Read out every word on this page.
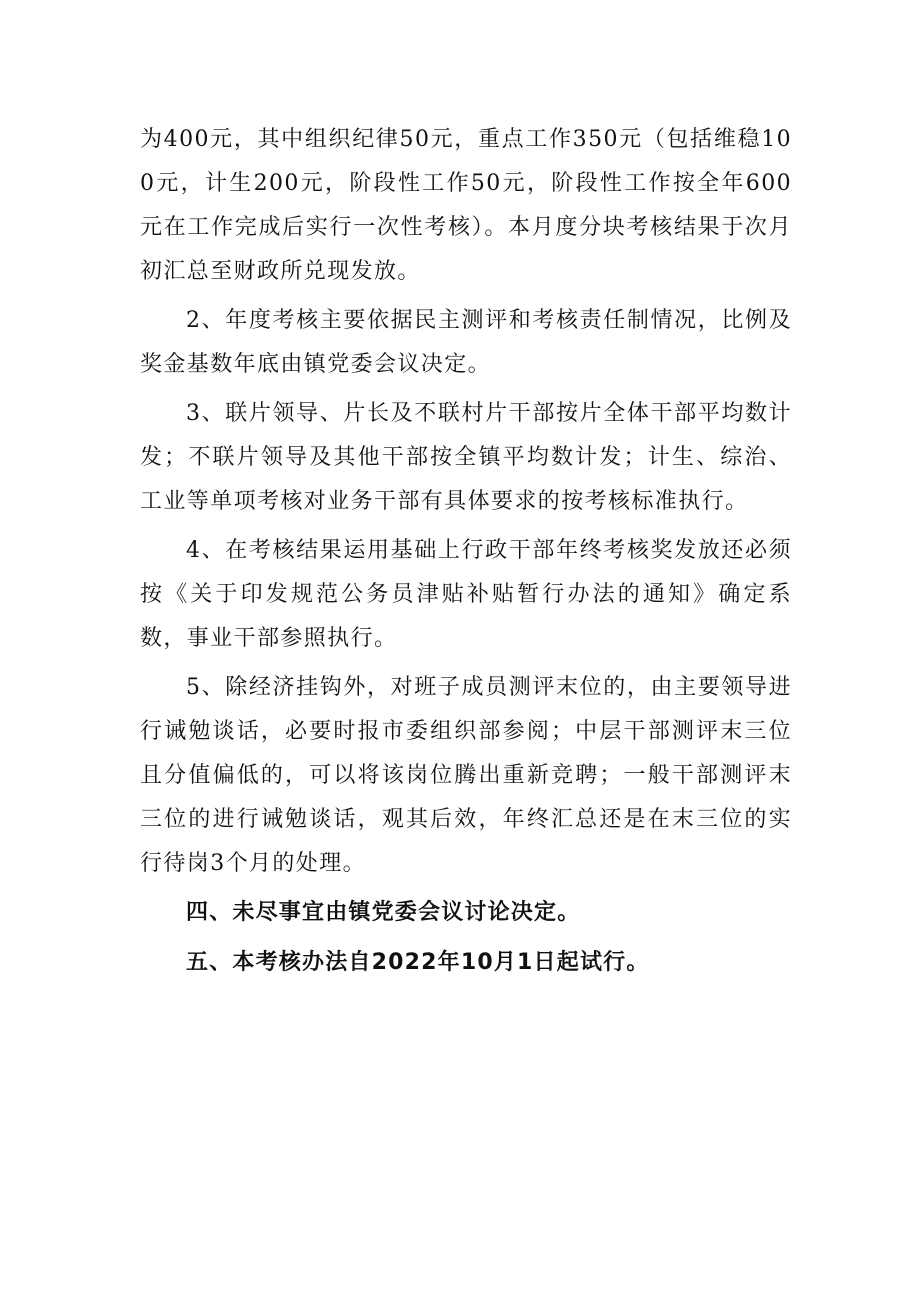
为400元，其中组织纪律50元，重点工作350元（包括维稳100元，计生200元，阶段性工作50元，阶段性工作按全年600元在工作完成后实行一次性考核）。本月度分块考核结果于次月初汇总至财政所兑现发放。

2、年度考核主要依据民主测评和考核责任制情况，比例及奖金基数年底由镇党委会议决定。

3、联片领导、片长及不联村片干部按片全体干部平均数计发；不联片领导及其他干部按全镇平均数计发；计生、综治、工业等单项考核对业务干部有具体要求的按考核标准执行。

4、在考核结果运用基础上行政干部年终考核奖发放还必须按《关于印发规范公务员津贴补贴暂行办法的通知》确定系数，事业干部参照执行。

5、除经济挂钩外，对班子成员测评末位的，由主要领导进行诫勉谈话，必要时报市委组织部参阅；中层干部测评末三位且分值偏低的，可以将该岗位腾出重新竞聘；一般干部测评末三位的进行诫勉谈话，观其后效，年终汇总还是在末三位的实行待岗3个月的处理。

四、未尽事宜由镇党委会议讨论决定。

五、本考核办法自2022年10月1日起试行。
